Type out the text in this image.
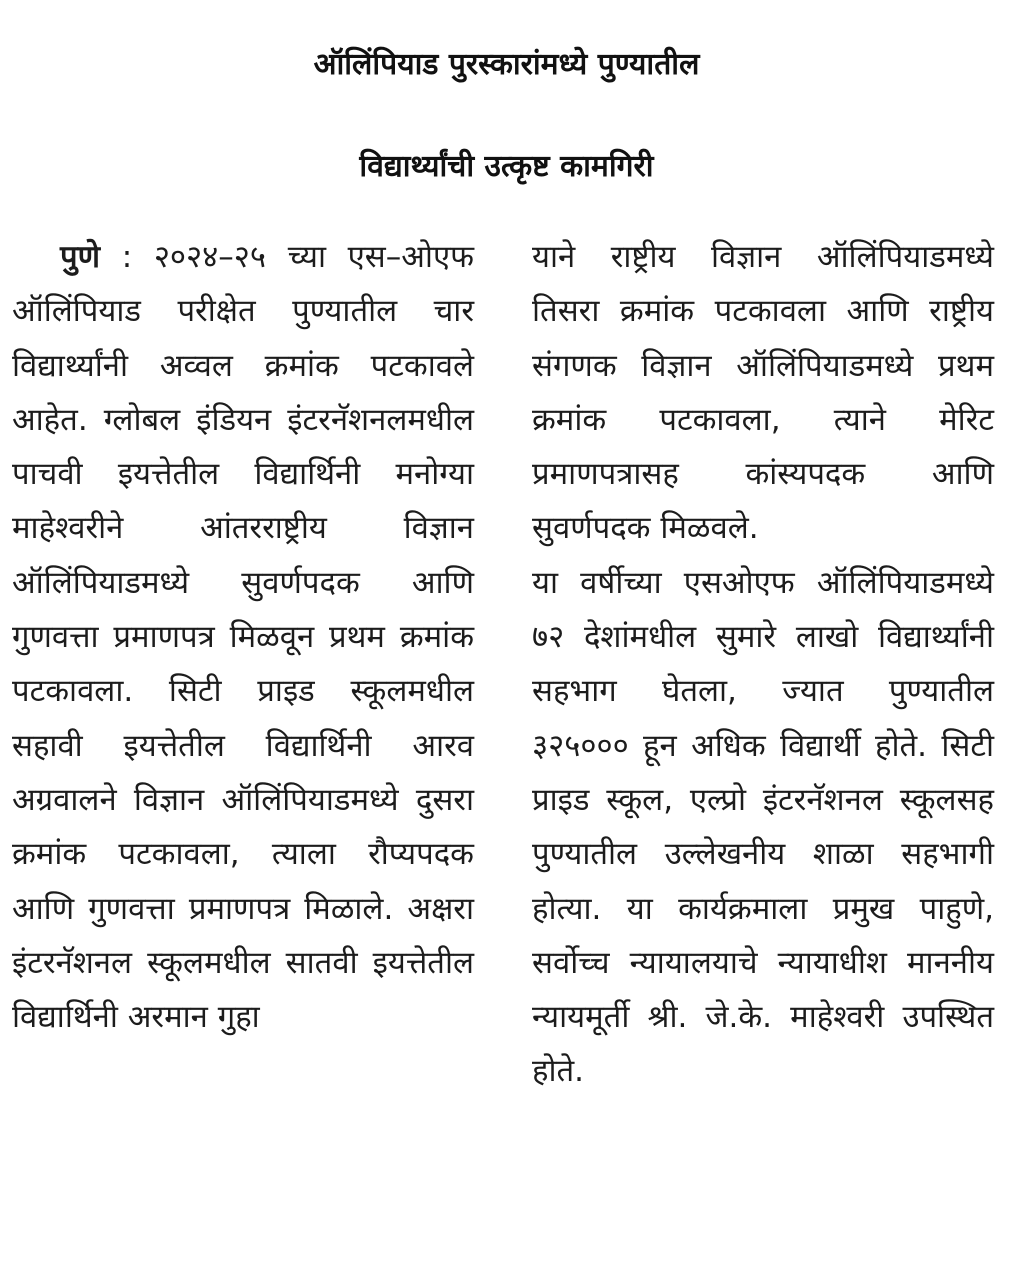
ऑलिंपियाड पुरस्कारांमध्ये पुण्यातील
विद्यार्थ्यांची उत्कृष्ट कामगिरी

पुणे : २०२४–२५ च्या एस–ओएफ ऑलिंपियाड परीक्षेत पुण्यातील चार विद्यार्थ्यांनी अव्वल क्रमांक पटकावले आहेत. ग्लोबल इंडियन इंटरनॅशनलमधील पाचवी इयत्तेतील विद्यार्थिनी मनोग्या माहेश्वरीने आंतरराष्ट्रीय विज्ञान ऑलिंपियाडमध्ये सुवर्णपदक आणि गुणवत्ता प्रमाणपत्र मिळवून प्रथम क्रमांक पटकावला. सिटी प्राइड स्कूलमधील सहावी इयत्तेतील विद्यार्थिनी आरव अग्रवालने विज्ञान ऑलिंपियाडमध्ये दुसरा क्रमांक पटकावला, त्याला रौप्यपदक आणि गुणवत्ता प्रमाणपत्र मिळाले. अक्षरा इंटरनॅशनल स्कूलमधील सातवी इयत्तेतील विद्यार्थिनी अरमान गुहा

याने राष्ट्रीय विज्ञान ऑलिंपियाडमध्ये तिसरा क्रमांक पटकावला आणि राष्ट्रीय संगणक विज्ञान ऑलिंपियाडमध्ये प्रथम क्रमांक पटकावला, त्याने मेरिट प्रमाणपत्रासह कांस्यपदक आणि सुवर्णपदक मिळवले.

या वर्षीच्या एसओएफ ऑलिंपियाडमध्ये ७२ देशांमधील सुमारे लाखो विद्यार्थ्यांनी सहभाग घेतला, ज्यात पुण्यातील ३२५००० हून अधिक विद्यार्थी होते. सिटी प्राइड स्कूल, एल्प्रो इंटरनॅशनल स्कूलसह पुण्यातील उल्लेखनीय शाळा सहभागी होत्या. या कार्यक्रमाला प्रमुख पाहुणे, सर्वोच्च न्यायालयाचे न्यायाधीश माननीय न्यायमूर्ती श्री. जे.के. माहेश्वरी उपस्थित होते.
